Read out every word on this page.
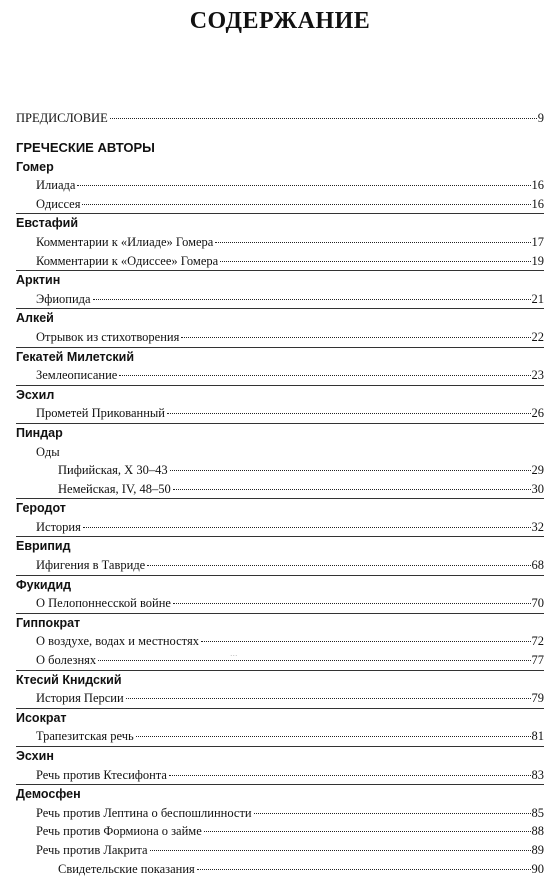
СОДЕРЖАНИЕ
ПРЕДИСЛОВИЕ	9
ГРЕЧЕСКИЕ АВТОРЫ
Гомер
Илиада	16
Одиссея	16
Евстафий
Комментарии к «Илиаде» Гомера	17
Комментарии к «Одиссее» Гомера	19
Арктин
Эфиопида	21
Алкей
Отрывок из стихотворения	22
Гекатей Милетский
Землеописание	23
Эсхил
Прометей Прикованный	26
Пиндар
Оды
Пифийская, X 30–43	29
Немейская, IV, 48–50	30
Геродот
История	32
Еврипид
Ифигения в Тавриде	68
Фукидид
О Пелопоннесской войне	70
Гиппократ
О воздухе, водах и местностях	72
О болезнях	77
Ктесий Книдский
История Персии	79
Исократ
Трапезитская речь	81
Эсхин
Речь против Ктесифонта	83
Демосфен
Речь против Лептина о беспошлинности	85
Речь против Формиона о займе	88
Речь против Лакрита	89
Свидетельские показания	90
...
